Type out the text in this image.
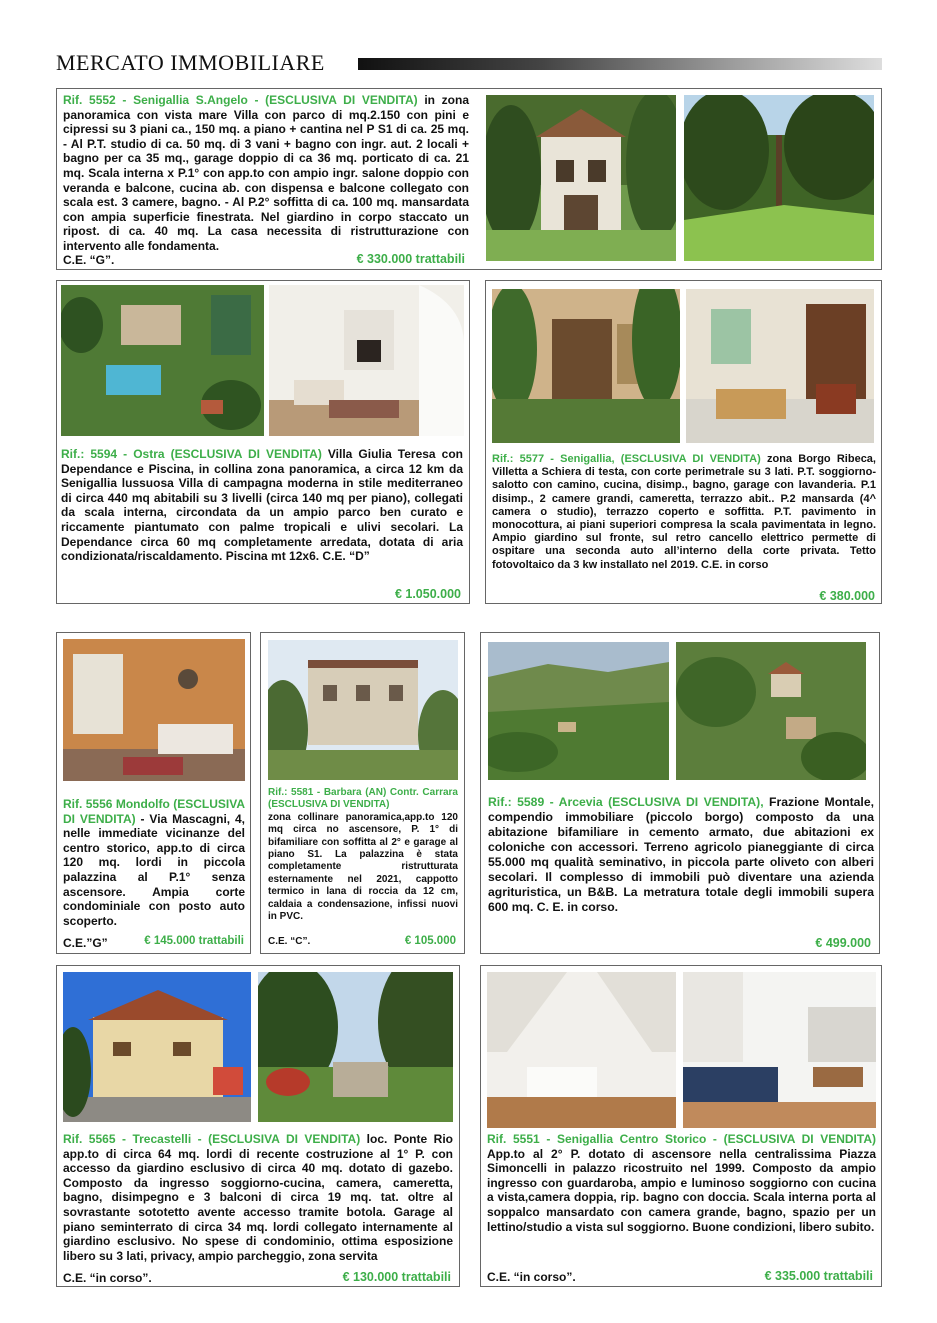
MERCATO IMMOBILIARE
Rif. 5552 - Senigallia S.Angelo - (ESCLUSIVA DI VENDITA) in zona panoramica con vista mare Villa con parco di mq.2.150 con pini e cipressi su 3 piani ca., 150 mq. a piano + cantina nel P S1 di ca. 25 mq. - Al P.T. studio di ca. 50 mq. di 3 vani + bagno con ingr. aut. 2 locali + bagno per ca 35 mq., garage doppio di ca 36 mq. porticato di ca. 21 mq. Scala interna x P.1° con app.to con ampio ingr. salone doppio con veranda e balcone, cucina ab. con dispensa e balcone collegato con scala est. 3 camere, bagno. - Al P.2° soffitta di ca. 100 mq. mansardata con ampia superficie finestrata. Nel giardino in corpo staccato un ripost. di ca. 40 mq. La casa necessita di ristrutturazione con intervento alle fondamenta.
C.E. “G”.	€ 330.000 trattabili
Rif.: 5594 - Ostra (ESCLUSIVA DI VENDITA) Villa Giulia Teresa con Dependance e Piscina, in collina zona panoramica, a circa 12 km da Senigallia lussuosa Villa di campagna moderna in stile mediterraneo di circa 440 mq abitabili su 3 livelli (circa 140 mq per piano), collegati da scala interna, circondata da un ampio parco ben curato e riccamente piantumato con palme tropicali e ulivi secolari. La Dependance circa 60 mq completamente arredata, dotata di aria condizionata/riscaldamento. Piscina mt 12x6. C.E. “D”
€ 1.050.000
Rif.: 5577 - Senigallia, (ESCLUSIVA DI VENDITA) zona Borgo Ribeca, Villetta a Schiera di testa, con corte perimetrale su 3 lati. P.T. soggiorno-salotto con camino, cucina, disimp., bagno, garage con lavanderia. P.1 disimp., 2 camere grandi, cameretta, terrazzo abit.. P.2 mansarda (4^ camera o studio), terrazzo coperto e soffitta. P.T. pavimento in monocottura, ai piani superiori compresa la scala pavimentata in legno. Ampio giardino sul fronte, sul retro cancello elettrico permette di ospitare una seconda auto all’interno della corte privata. Tetto fotovoltaico da 3 kw installato nel 2019. C.E. in corso
€ 380.000
Rif. 5556 Mondolfo (ESCLUSIVA DI VENDITA) - Via Mascagni, 4, nelle immediate vicinanze del centro storico, app.to di circa 120 mq. lordi in piccola palazzina al P.1° senza ascensore. Ampia corte condominiale con posto auto scoperto.
C.E.”G”	€ 145.000 trattabili
Rif.: 5581 - Barbara (AN) Contr. Carrara (ESCLUSIVA DI VENDITA)
zona collinare panoramica,app.to 120 mq circa no ascensore, P. 1° di bifamiliare con soffitta al 2° e garage al piano S1. La palazzina è stata completamente ristrutturata esternamente nel 2021, cappotto termico in lana di roccia da 12 cm, caldaia a condensazione, infissi nuovi in PVC.
C.E. “C”.	€ 105.000
Rif.: 5589 - Arcevia (ESCLUSIVA DI VENDITA), Frazione Montale, compendio immobiliare (piccolo borgo) composto da una abitazione bifamiliare in cemento armato, due abitazioni ex coloniche con accessori. Terreno agricolo pianeggiante di circa 55.000 mq qualità seminativo, in piccola parte oliveto con alberi secolari. Il complesso di immobili può diventare una azienda agrituristica, un B&B. La metratura totale degli immobili supera 600 mq. C. E. in corso.
€ 499.000
Rif. 5565 - Trecastelli - (ESCLUSIVA DI VENDITA) loc. Ponte Rio app.to di circa 64 mq. lordi di recente costruzione al 1° P. con accesso da giardino esclusivo di circa 40 mq. dotato di gazebo. Composto da ingresso soggiorno-cucina, camera, cameretta, bagno, disimpegno e 3 balconi di circa 19 mq. tat. oltre al sovrastante sototetto avente accesso tramite botola. Garage al piano seminterrato di circa 34 mq. lordi collegato internamente al giardino esclusivo. No spese di condominio, ottima esposizione libero su 3 lati, privacy, ampio parcheggio, zona servita
C.E. “in corso”.	€ 130.000 trattabili
Rif. 5551 - Senigallia Centro Storico - (ESCLUSIVA DI VENDITA) App.to al 2° P. dotato di ascensore nella centralissima Piazza Simoncelli in palazzo ricostruito nel 1999. Composto da ampio ingresso con guardaroba, ampio e luminoso soggiorno con cucina a vista,camera doppia, rip. bagno con doccia. Scala interna porta al soppalco mansardato con camera grande, bagno, spazio per un lettino/studio a vista sul soggiorno. Buone condizioni, libero subito.
C.E. “in corso”.	€ 335.000 trattabili
